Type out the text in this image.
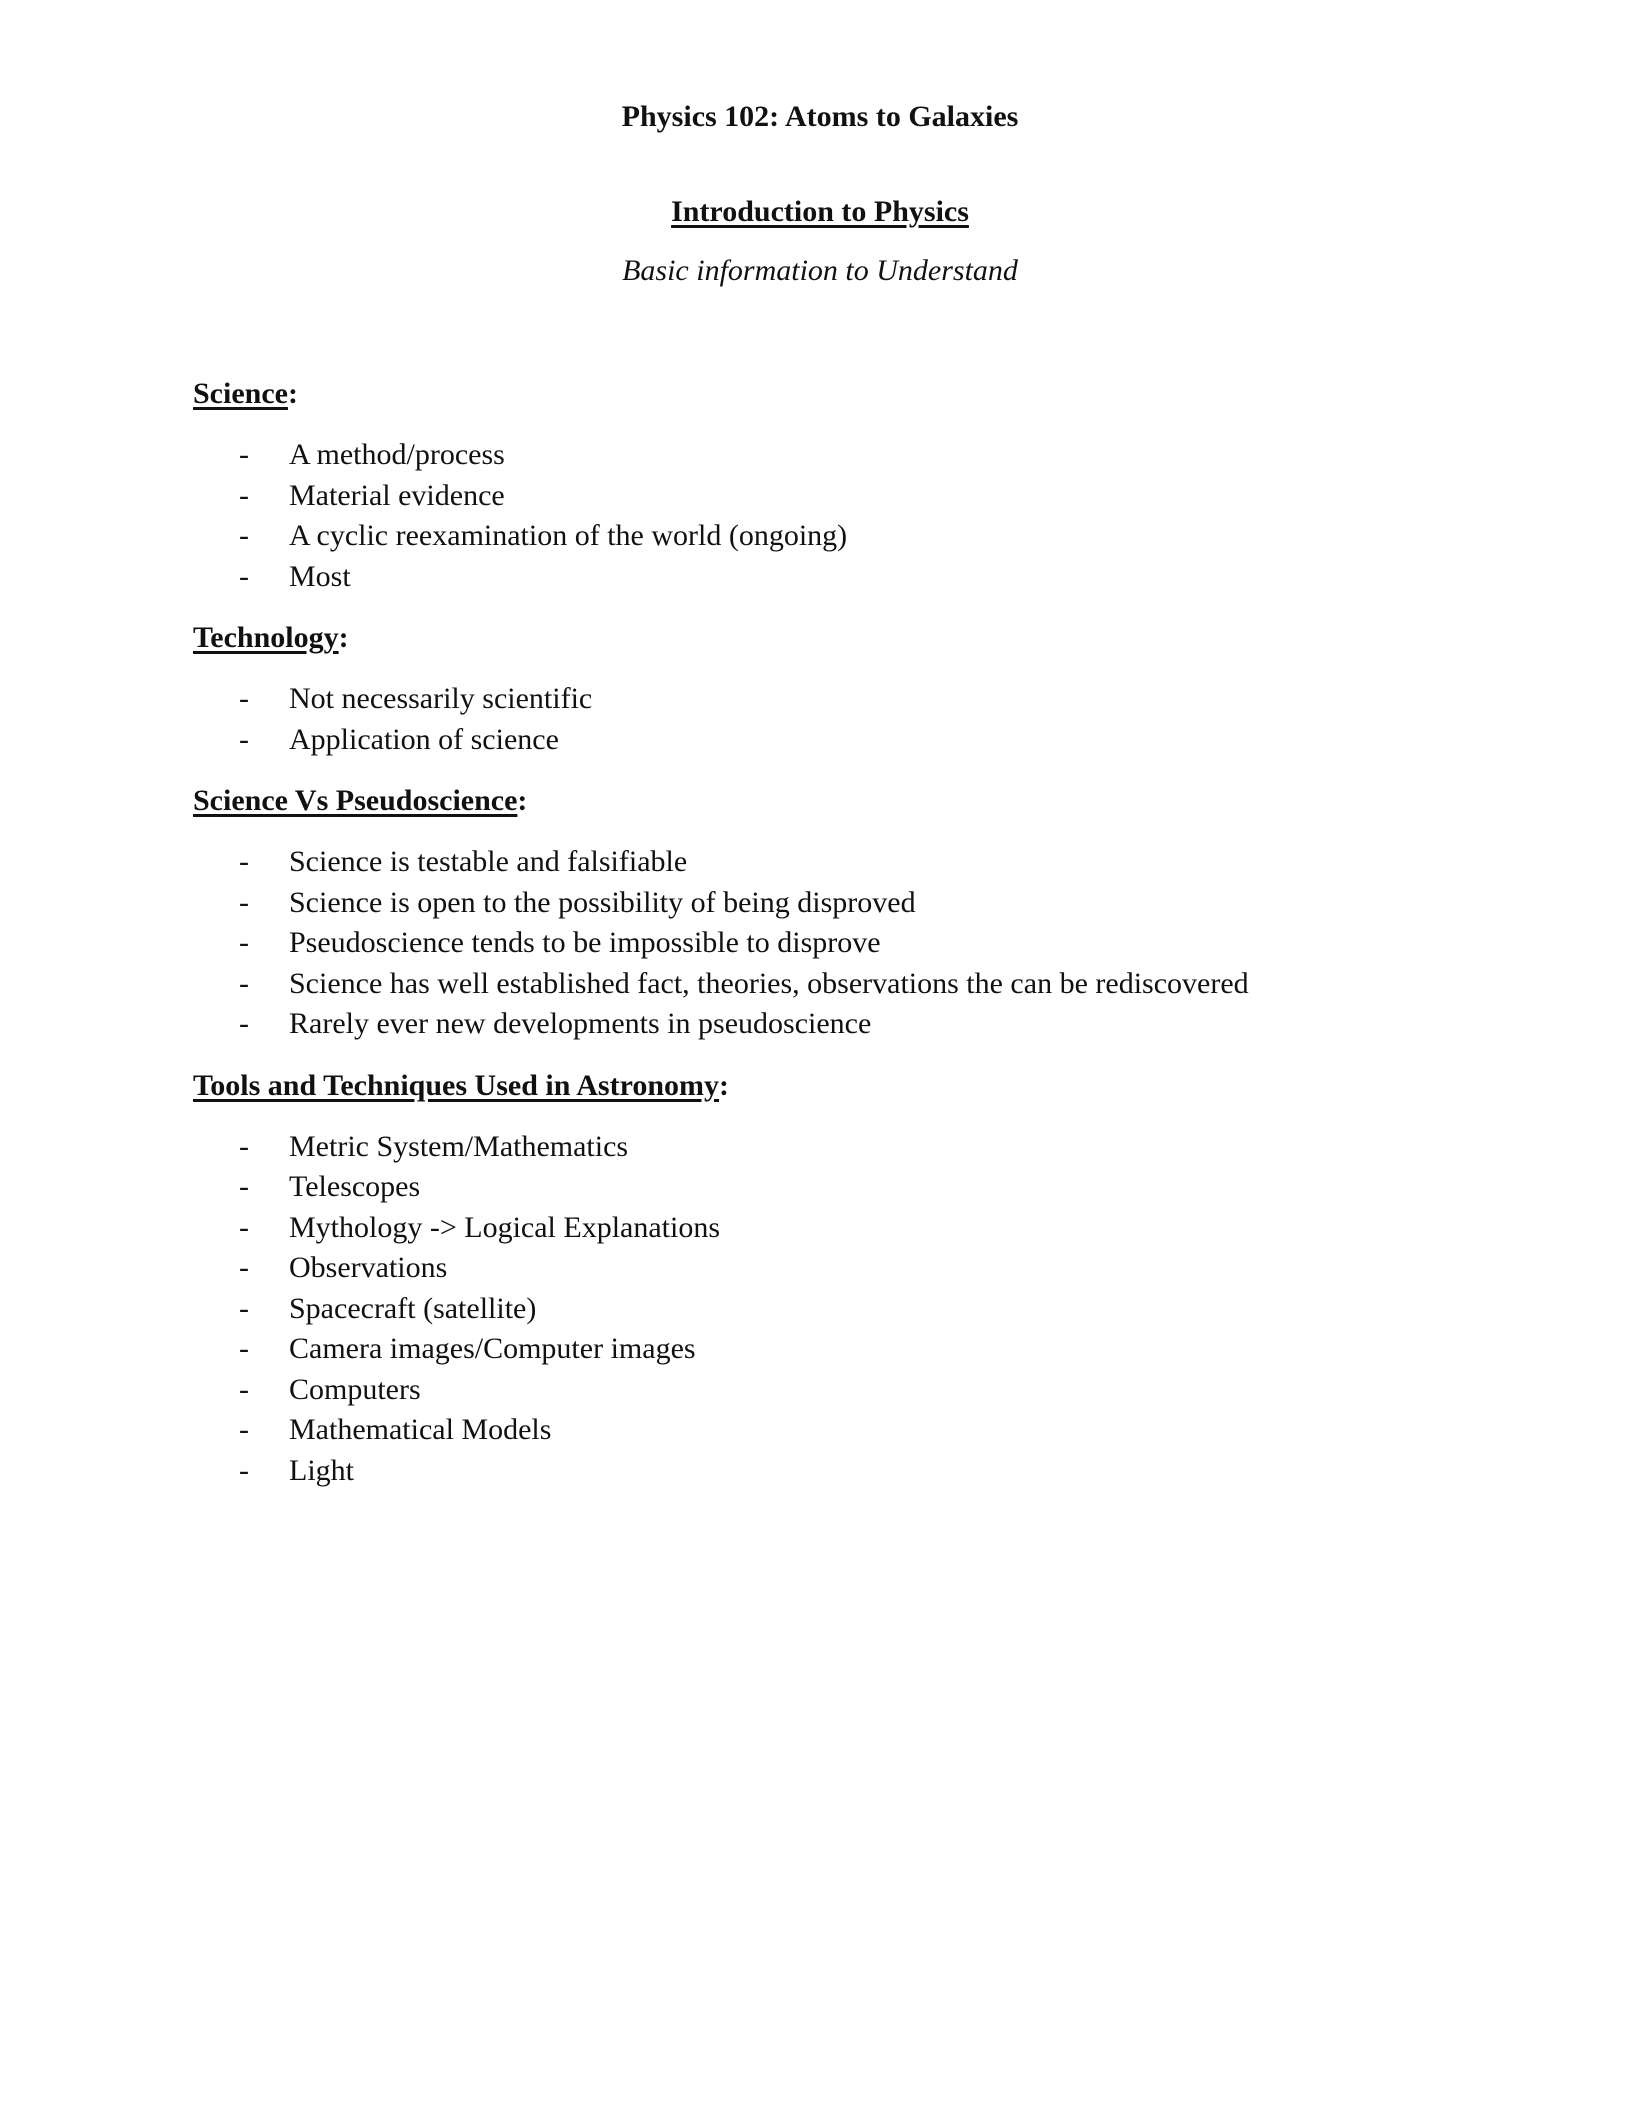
Physics 102: Atoms to Galaxies
Introduction to Physics
Basic information to Understand
Science:
- A method/process
- Material evidence
- A cyclic reexamination of the world (ongoing)
- Most
Technology:
- Not necessarily scientific
- Application of science
Science Vs Pseudoscience:
- Science is testable and falsifiable
- Science is open to the possibility of being disproved
- Pseudoscience tends to be impossible to disprove
- Science has well established fact, theories, observations the can be rediscovered
- Rarely ever new developments in pseudoscience
Tools and Techniques Used in Astronomy:
- Metric System/Mathematics
- Telescopes
- Mythology -> Logical Explanations
- Observations
- Spacecraft (satellite)
- Camera images/Computer images
- Computers
- Mathematical Models
- Light
